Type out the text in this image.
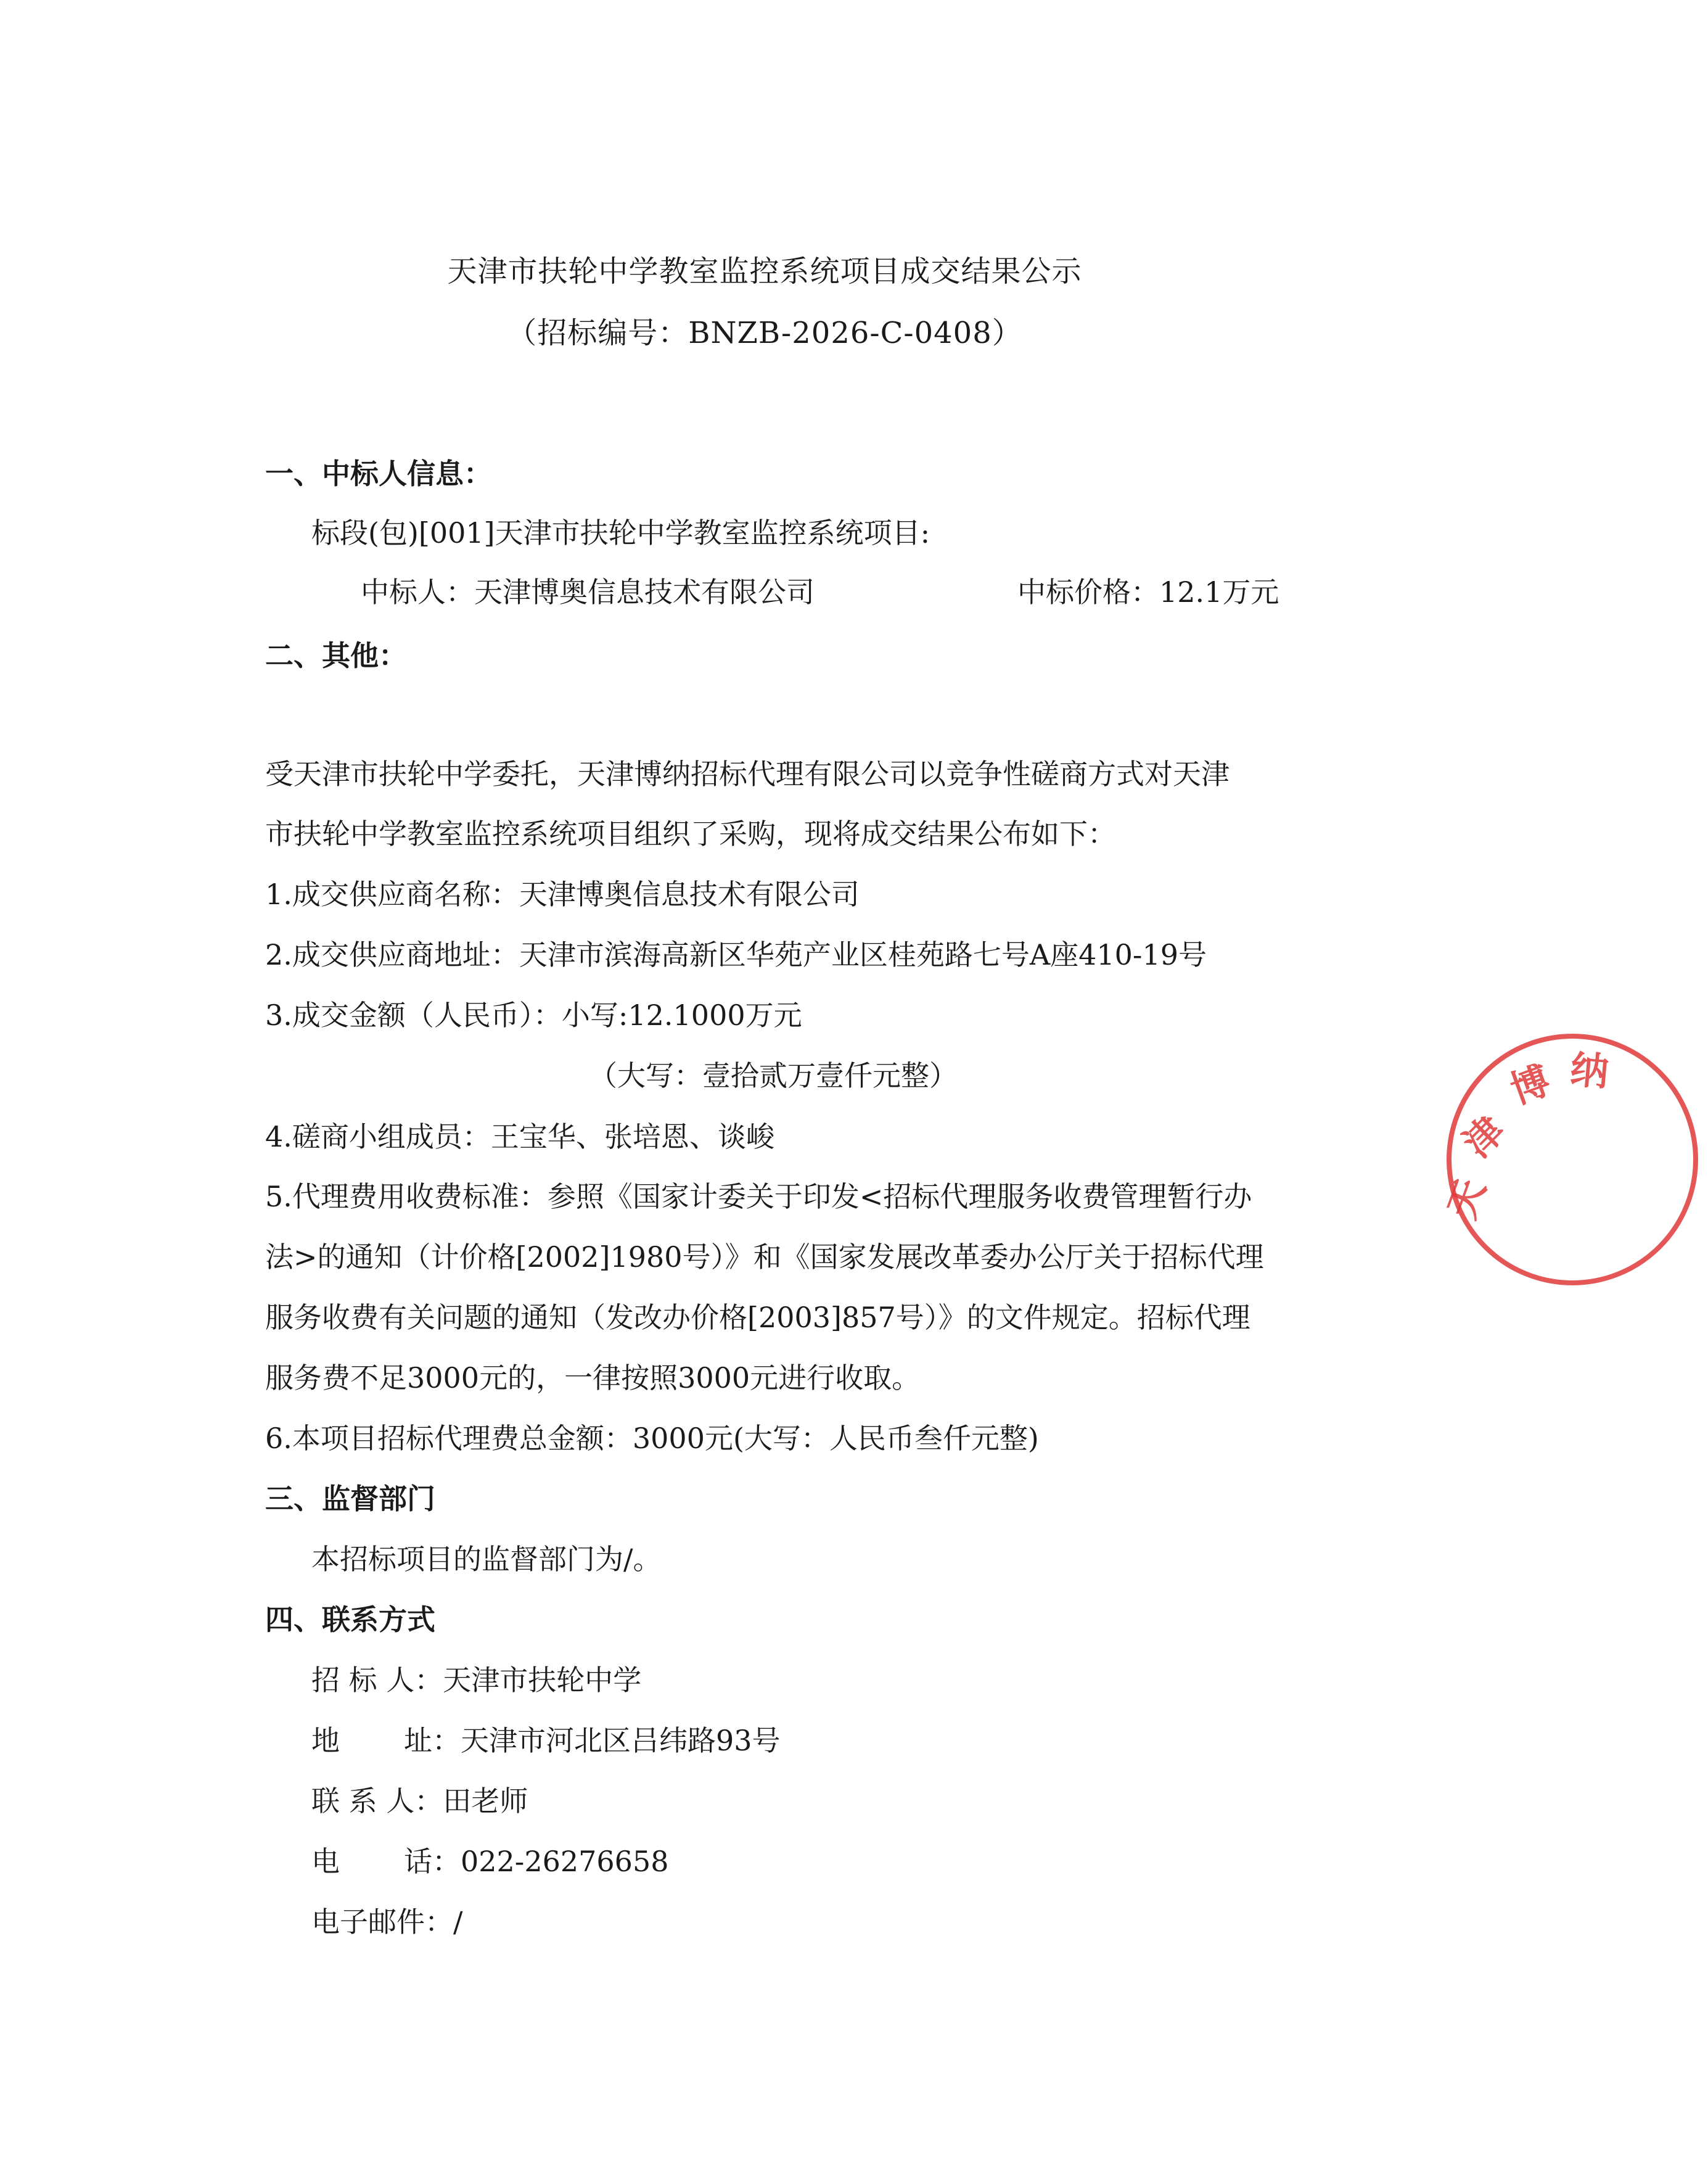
天津市扶轮中学教室监控系统项目成交结果公示
（招标编号：BNZB-2026-C-0408）
一、中标人信息：
标段(包)[001]天津市扶轮中学教室监控系统项目:
中标人：天津博奥信息技术有限公司	中标价格：12.1万元
二、其他：
受天津市扶轮中学委托，天津博纳招标代理有限公司以竞争性磋商方式对天津
市扶轮中学教室监控系统项目组织了采购，现将成交结果公布如下：
1.成交供应商名称：天津博奥信息技术有限公司
2.成交供应商地址：天津市滨海高新区华苑产业区桂苑路七号A座410-19号
3.成交金额（人民币）：小写:12.1000万元
（大写：壹拾贰万壹仟元整）
4.磋商小组成员：王宝华、张培恩、谈峻
5.代理费用收费标准：参照《国家计委关于印发<招标代理服务收费管理暂行办
法>的通知（计价格[2002]1980号）》和《国家发展改革委办公厅关于招标代理
服务收费有关问题的通知（发改办价格[2003]857号）》的文件规定。招标代理
服务费不足3000元的，一律按照3000元进行收取。
6.本项目招标代理费总金额：3000元(大写：人民币叁仟元整)
三、监督部门
本招标项目的监督部门为/。
四、联系方式
招 标 人：天津市扶轮中学
地 址：天津市河北区吕纬路93号
联 系 人：田老师
电 话：022-26276658
电子邮件：/
天
津
博 纳
